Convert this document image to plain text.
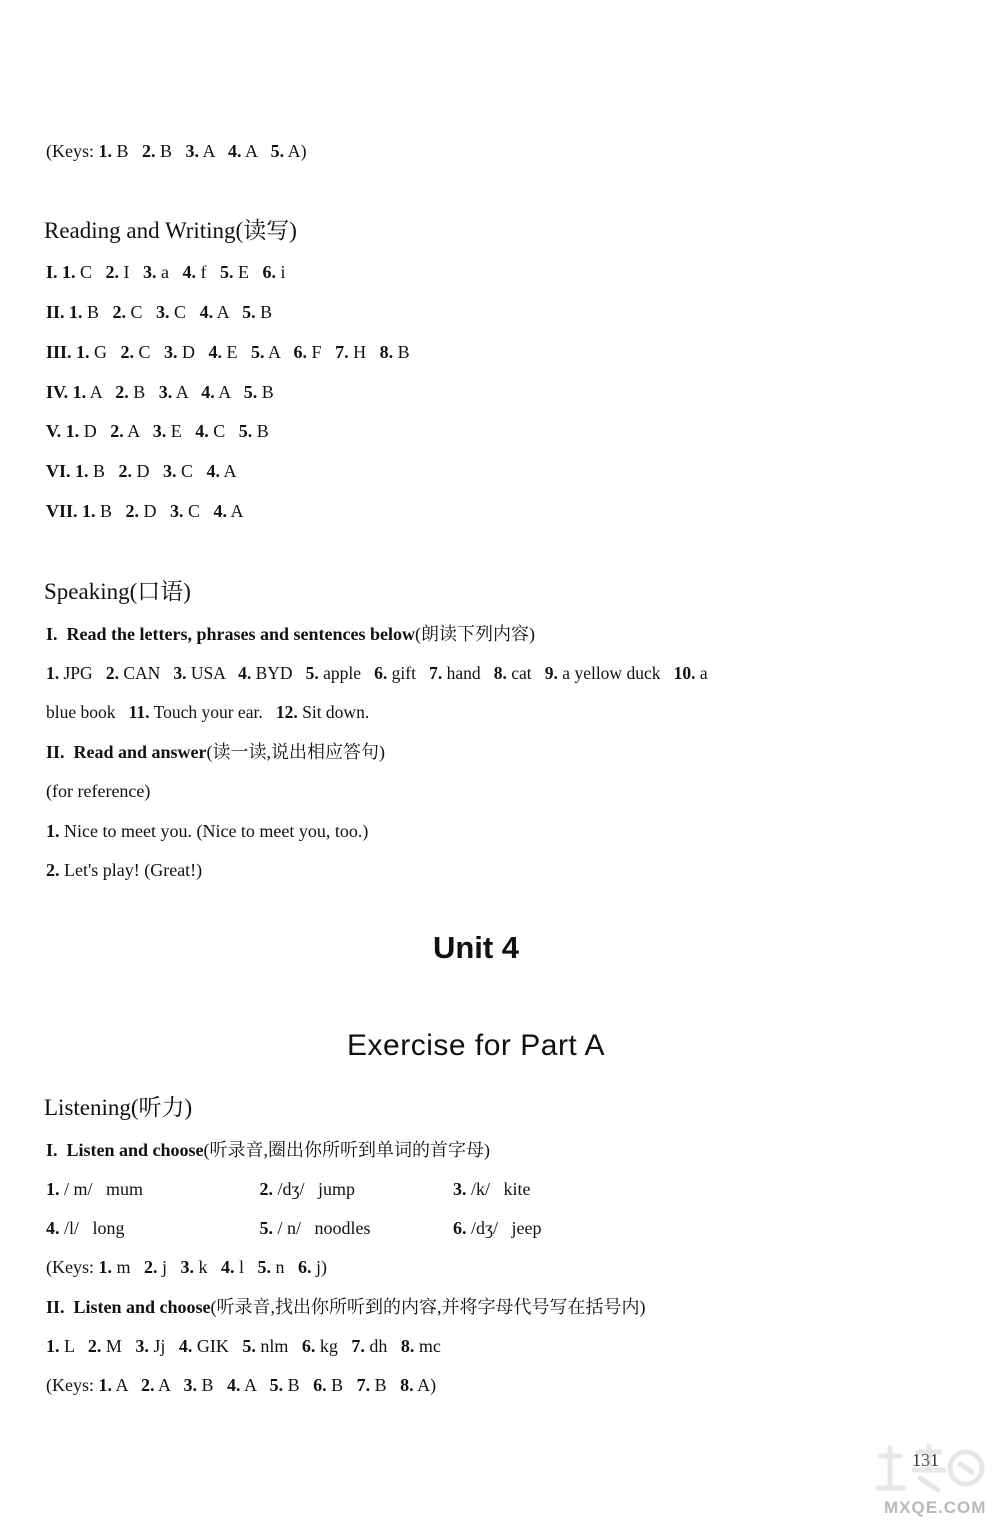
(Keys: 1. B   2. B   3. A   4. A   5. A)
Reading and Writing(读写)
I. 1. C   2. I   3. a   4. f   5. E   6. i
II. 1. B   2. C   3. C   4. A   5. B
III. 1. G   2. C   3. D   4. E   5. A   6. F   7. H   8. B
IV. 1. A   2. B   3. A   4. A   5. B
V. 1. D   2. A   3. E   4. C   5. B
VI. 1. B   2. D   3. C   4. A
VII. 1. B   2. D   3. C   4. A
Speaking(口语)
I.  Read the letters, phrases and sentences below(朗读下列内容)
1. JPG   2. CAN   3. USA   4. BYD   5. apple   6. gift   7. hand   8. cat   9. a yellow duck   10. a
blue book   11. Touch your ear.   12. Sit down.
II.  Read and answer(读一读,说出相应答句)
(for reference)
1. Nice to meet you. (Nice to meet you, too.)
2. Let's play! (Great!)
Unit 4
Exercise for Part A
Listening(听力)
I.  Listen and choose(听录音,圈出你所听到单词的首字母)
1. / m/   mum	2. /dʒ/   jump	3. /k/   kite
4. /l/   long	5. / n/   noodles	6. /dʒ/   jeep
(Keys: 1. m   2. j   3. k   4. l   5. n   6. j)
II.  Listen and choose(听录音,找出你所听到的内容,并将字母代号写在括号内)
1. L   2. M   3. Jj   4. GIK   5. nlm   6. kg   7. dh   8. mc
(Keys: 1. A   2. A   3. B   4. A   5. B   6. B   7. B   8. A)
131
MXQE.COM
